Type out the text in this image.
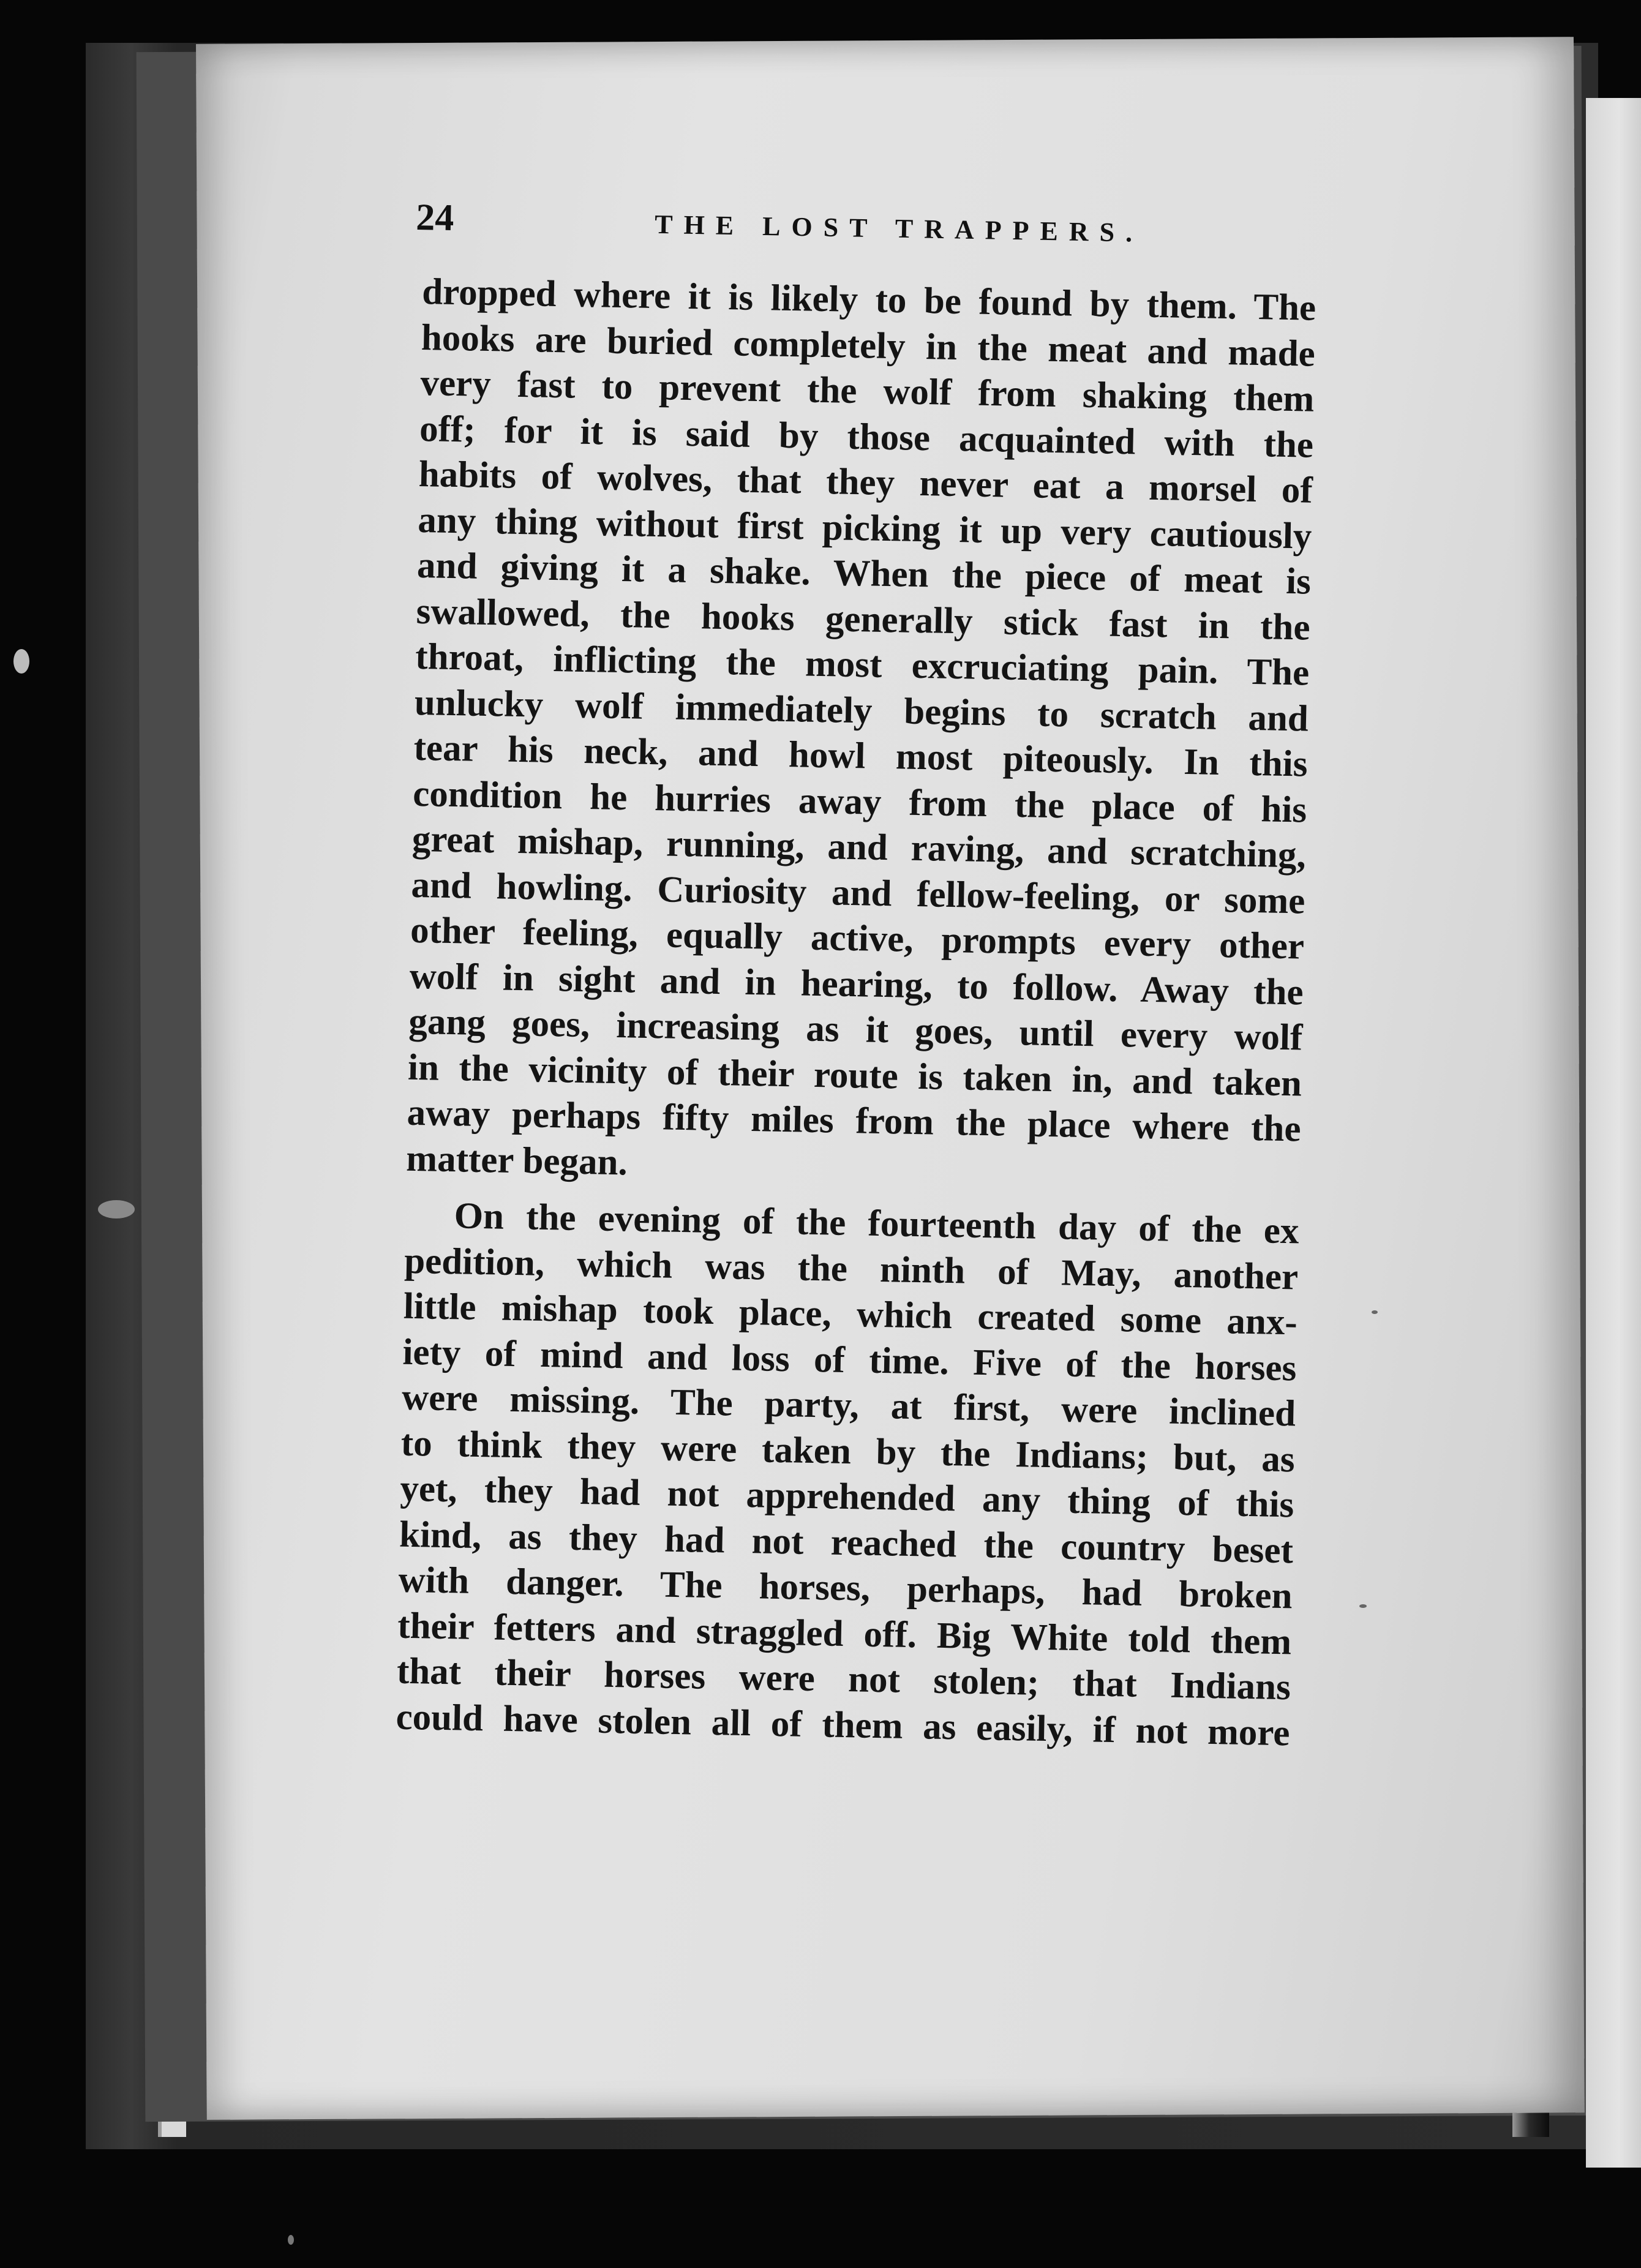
24	THE LOST TRAPPERS.
dropped where it is likely to be found by them. The
hooks are buried completely in the meat and made
very fast to prevent the wolf from shaking them
off; for it is said by those acquainted with the
habits of wolves, that they never eat a morsel of
any thing without first picking it up very cautiously
and giving it a shake. When the piece of meat is
swallowed, the hooks generally stick fast in the
throat, inflicting the most excruciating pain. The
unlucky wolf immediately begins to scratch and
tear his neck, and howl most piteously. In this
condition he hurries away from the place of his
great mishap, running, and raving, and scratching,
and howling. Curiosity and fellow-feeling, or some
other feeling, equally active, prompts every other
wolf in sight and in hearing, to follow. Away the
gang goes, increasing as it goes, until every wolf
in the vicinity of their route is taken in, and taken
away perhaps fifty miles from the place where the
matter began.
On the evening of the fourteenth day of the ex
pedition, which was the ninth of May, another
little mishap took place, which created some anx-
iety of mind and loss of time. Five of the horses
were missing. The party, at first, were inclined
to think they were taken by the Indians; but, as
yet, they had not apprehended any thing of this
kind, as they had not reached the country beset
with danger. The horses, perhaps, had broken
their fetters and straggled off. Big White told them
that their horses were not stolen; that Indians
could have stolen all of them as easily, if not more
